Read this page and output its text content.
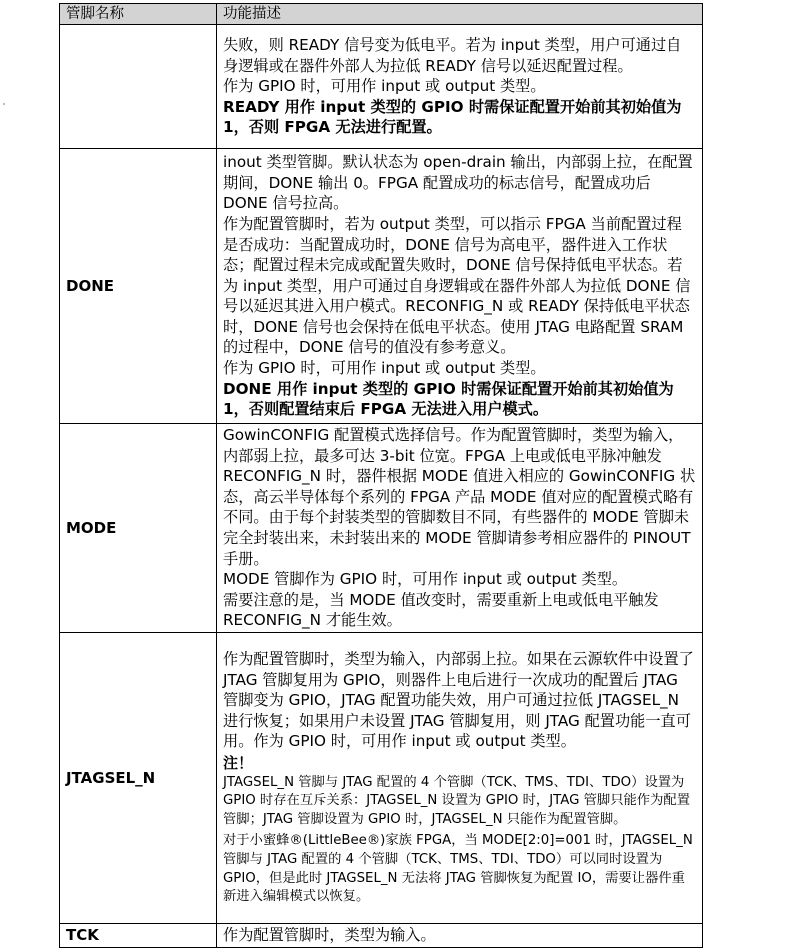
管脚名称	功能描述

	失败，则 READY 信号变为低电平。若为 input 类型，用户可通过自身逻辑或在器件外部人为拉低 READY 信号以延迟配置过程。

作为 GPIO 时，可用作 input 或 output 类型。

READY 用作 input 类型的 GPIO 时需保证配置开始前其初始值为 1，否则 FPGA 无法进行配置。

DONE	inout 类型管脚。默认状态为 open-drain 输出，内部弱上拉，在配置期间，DONE 输出 0。FPGA 配置成功的标志信号，配置成功后 DONE 信号拉高。

作为配置管脚时，若为 output 类型，可以指示 FPGA 当前配置过程是否成功：当配置成功时，DONE 信号为高电平，器件进入工作状态；配置过程未完成或配置失败时，DONE 信号保持低电平状态。若为 input 类型，用户可通过自身逻辑或在器件外部人为拉低 DONE 信号以延迟其进入用户模式。RECONFIG_N 或 READY 保持低电平状态时，DONE 信号也会保持在低电平状态。使用 JTAG 电路配置 SRAM 的过程中，DONE 信号的值没有参考意义。

作为 GPIO 时，可用作 input 或 output 类型。

DONE 用作 input 类型的 GPIO 时需保证配置开始前其初始值为 1，否则配置结束后 FPGA 无法进入用户模式。

MODE	GowinCONFIG 配置模式选择信号。作为配置管脚时，类型为输入，内部弱上拉，最多可达 3-bit 位宽。FPGA 上电或低电平脉冲触发 RECONFIG_N 时，器件根据 MODE 值进入相应的 GowinCONFIG 状态，高云半导体每个系列的 FPGA 产品 MODE 值对应的配置模式略有不同。由于每个封装类型的管脚数目不同，有些器件的 MODE 管脚未完全封装出来，未封装出来的 MODE 管脚请参考相应器件的 PINOUT 手册。

MODE 管脚作为 GPIO 时，可用作 input 或 output 类型。

需要注意的是，当 MODE 值改变时，需要重新上电或低电平触发 RECONFIG_N 才能生效。

JTAGSEL_N	作为配置管脚时，类型为输入，内部弱上拉。如果在云源软件中设置了 JTAG 管脚复用为 GPIO，则器件上电后进行一次成功的配置后 JTAG 管脚变为 GPIO，JTAG 配置功能失效，用户可通过拉低 JTAGSEL_N 进行恢复；如果用户未设置 JTAG 管脚复用，则 JTAG 配置功能一直可用。作为 GPIO 时，可用作 input 或 output 类型。

注！

JTAGSEL_N 管脚与 JTAG 配置的 4 个管脚（TCK、TMS、TDI、TDO）设置为 GPIO 时存在互斥关系：JTAGSEL_N 设置为 GPIO 时，JTAG 管脚只能作为配置管脚；JTAG 管脚设置为 GPIO 时，JTAGSEL_N 只能作为配置管脚。

对于小蜜蜂®(LittleBee®)家族 FPGA，当 MODE[2:0]=001 时，JTAGSEL_N 管脚与 JTAG 配置的 4 个管脚（TCK、TMS、TDI、TDO）可以同时设置为 GPIO，但是此时 JTAGSEL_N 无法将 JTAG 管脚恢复为配置 IO，需要让器件重新进入编辑模式以恢复。

TCK	作为配置管脚时，类型为输入。
